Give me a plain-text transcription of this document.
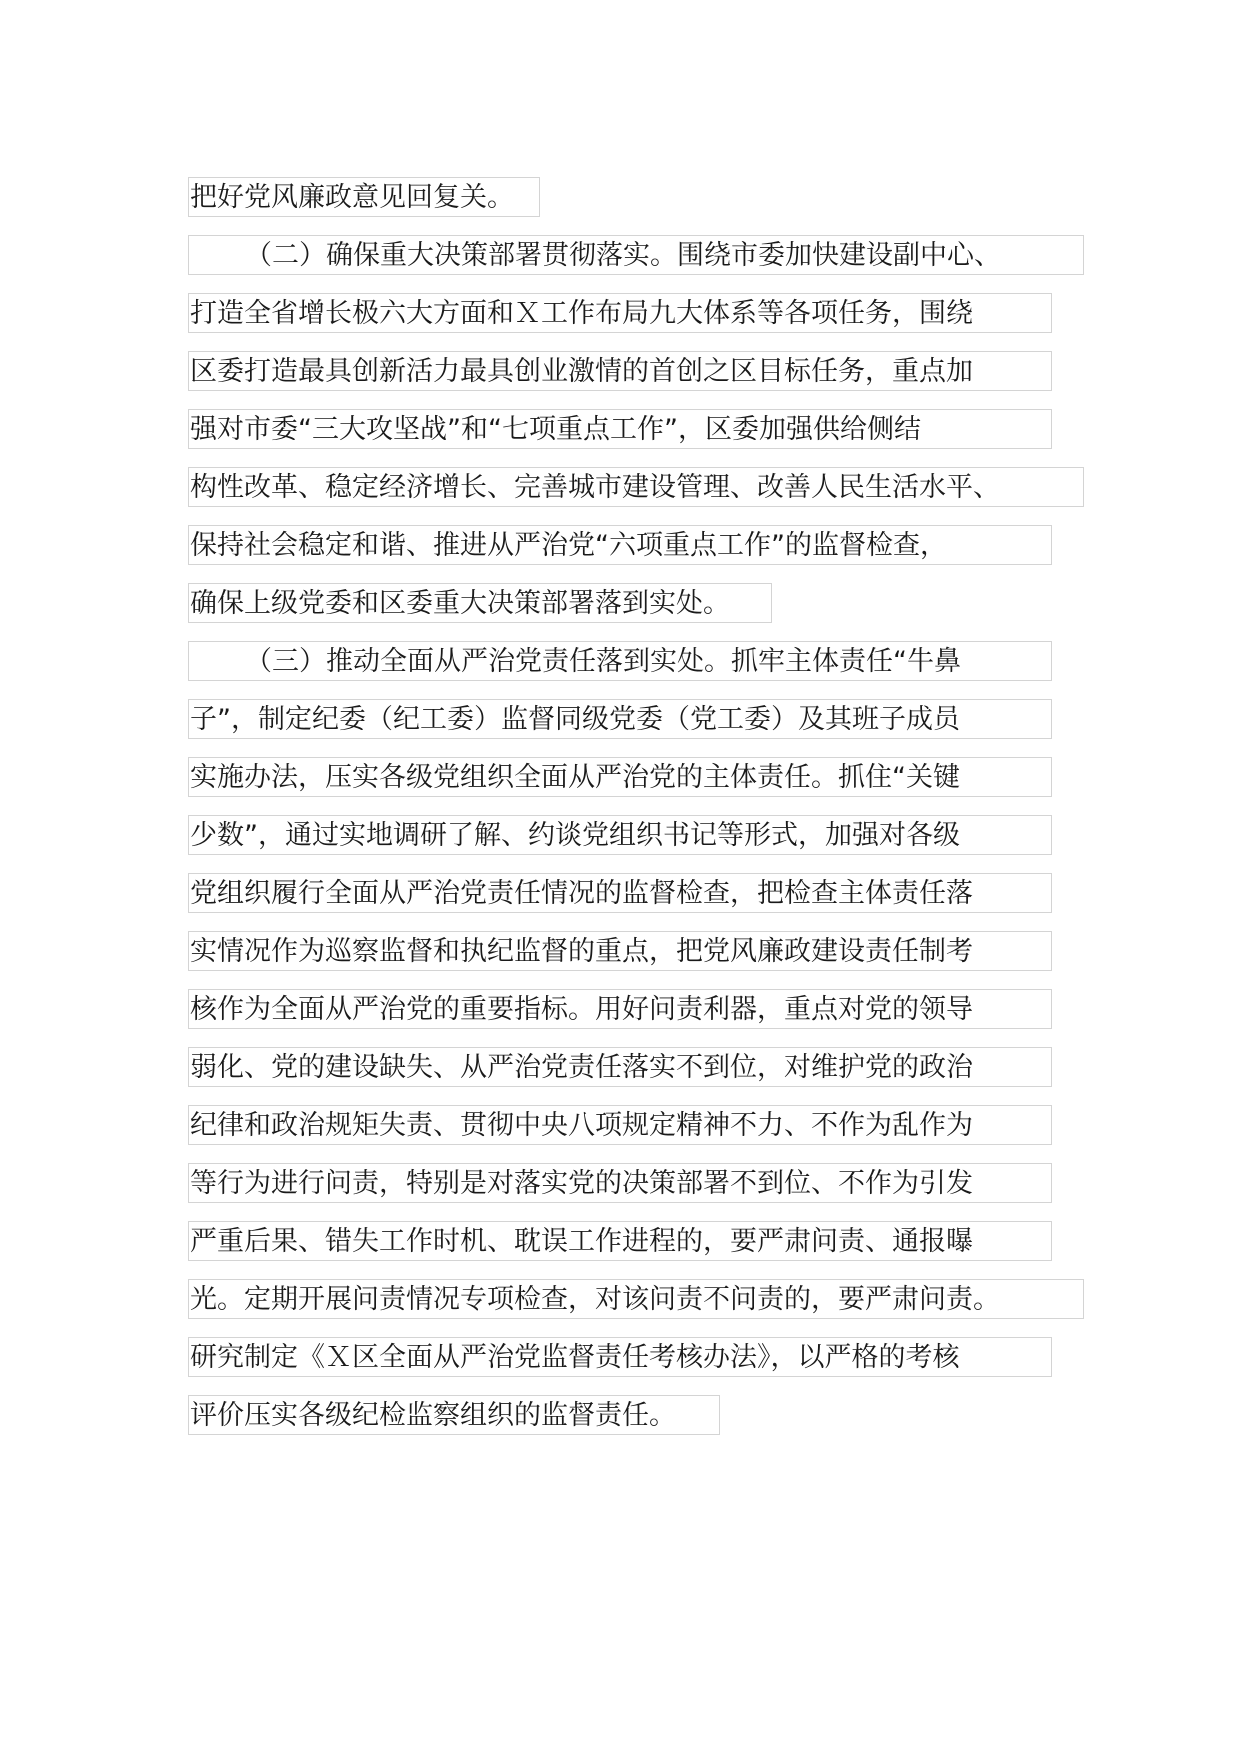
把好党风廉政意见回复关。
（二）确保重大决策部署贯彻落实。围绕市委加快建设副中心、
打造全省增长极六大方面和Ｘ工作布局九大体系等各项任务，围绕
区委打造最具创新活力最具创业激情的首创之区目标任务，重点加
强对市委“三大攻坚战”和“七项重点工作”，区委加强供给侧结
构性改革、稳定经济增长、完善城市建设管理、改善人民生活水平、
保持社会稳定和谐、推进从严治党“六项重点工作”的监督检查，
确保上级党委和区委重大决策部署落到实处。
（三）推动全面从严治党责任落到实处。抓牢主体责任“牛鼻
子”，制定纪委（纪工委）监督同级党委（党工委）及其班子成员
实施办法，压实各级党组织全面从严治党的主体责任。抓住“关键
少数”，通过实地调研了解、约谈党组织书记等形式，加强对各级
党组织履行全面从严治党责任情况的监督检查，把检查主体责任落
实情况作为巡察监督和执纪监督的重点，把党风廉政建设责任制考
核作为全面从严治党的重要指标。用好问责利器，重点对党的领导
弱化、党的建设缺失、从严治党责任落实不到位，对维护党的政治
纪律和政治规矩失责、贯彻中央八项规定精神不力、不作为乱作为
等行为进行问责，特别是对落实党的决策部署不到位、不作为引发
严重后果、错失工作时机、耽误工作进程的，要严肃问责、通报曝
光。定期开展问责情况专项检查，对该问责不问责的，要严肃问责。
研究制定《Ｘ区全面从严治党监督责任考核办法》，以严格的考核
评价压实各级纪检监察组织的监督责任。
